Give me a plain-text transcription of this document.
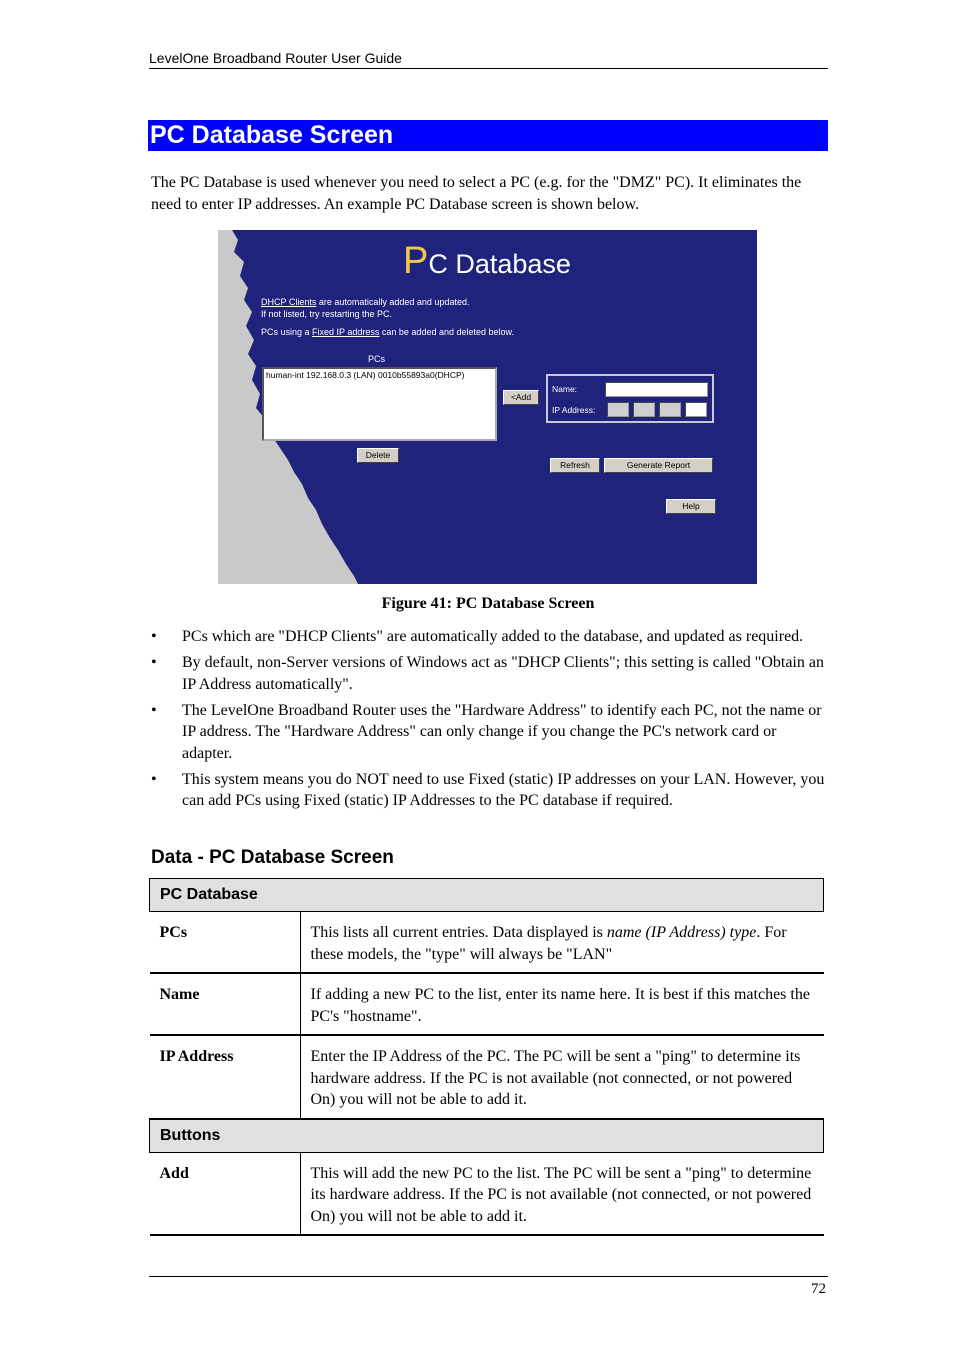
LevelOne Broadband Router User Guide
PC Database Screen

The PC Database is used whenever you need to select a PC (e.g. for the "DMZ" PC). It eliminates the need to enter IP addresses. An example PC Database screen is shown below.

PC Database
DHCP Clients are automatically added and updated.
If not listed, try restarting the PC.
PCs using a Fixed IP address can be added and deleted below.
PCs
human-int 192.168.0.3 (LAN) 0010b55893a0(DHCP)
<Add
Name:
IP Address:
Delete
Refresh	Generate Report
Help
Figure 41: PC Database Screen
• PCs which are "DHCP Clients" are automatically added to the database, and updated as required.
• By default, non-Server versions of Windows act as "DHCP Clients"; this setting is called "Obtain an IP Address automatically".
• The LevelOne Broadband Router uses the "Hardware Address" to identify each PC, not the name or IP address. The "Hardware Address" can only change if you change the PC's network card or adapter.
• This system means you do NOT need to use Fixed (static) IP addresses on your LAN. However, you can add PCs using Fixed (static) IP Addresses to the PC database if required.
Data - PC Database Screen
PC Database	
PCs	This lists all current entries. Data displayed is name (IP Address) type. For these models, the "type" will always be "LAN"
Name	If adding a new PC to the list, enter its name here. It is best if this matches the PC's "hostname".
IP Address	Enter the IP Address of the PC. The PC will be sent a "ping" to determine its hardware address. If the PC is not available (not connected, or not powered On) you will not be able to add it.
Buttons	
Add	This will add the new PC to the list. The PC will be sent a "ping" to determine its hardware address. If the PC is not available (not connected, or not powered On) you will not be able to add it.
72
